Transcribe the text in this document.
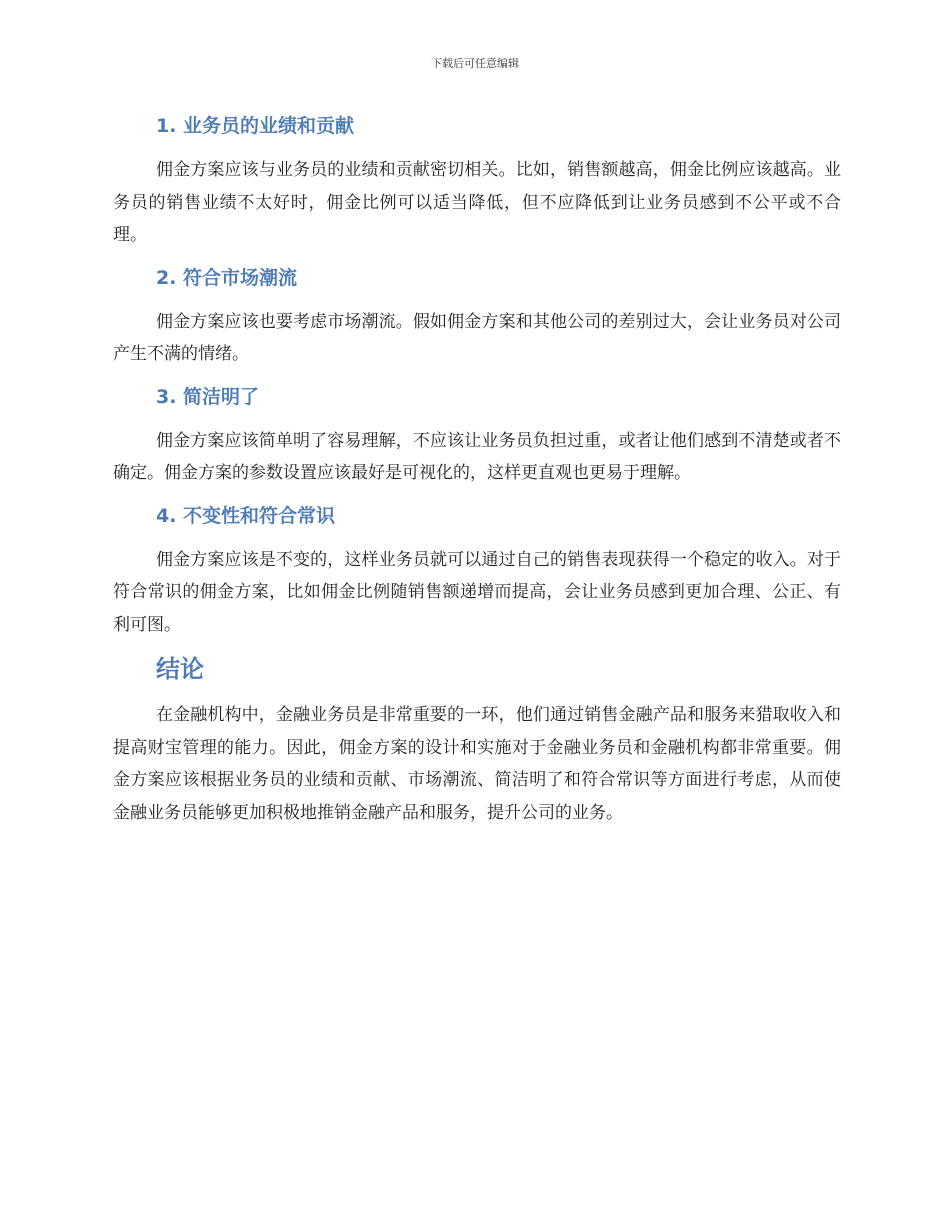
下载后可任意编辑
1. 业务员的业绩和贡献

佣金方案应该与业务员的业绩和贡献密切相关。比如，销售额越高，佣金比例应该越高。业务员的销售业绩不太好时，佣金比例可以适当降低，但不应降低到让业务员感到不公平或不合理。

2. 符合市场潮流

佣金方案应该也要考虑市场潮流。假如佣金方案和其他公司的差别过大，会让业务员对公司产生不满的情绪。

3. 简洁明了

佣金方案应该简单明了容易理解，不应该让业务员负担过重，或者让他们感到不清楚或者不确定。佣金方案的参数设置应该最好是可视化的，这样更直观也更易于理解。

4. 不变性和符合常识

佣金方案应该是不变的，这样业务员就可以通过自己的销售表现获得一个稳定的收入。对于符合常识的佣金方案，比如佣金比例随销售额递增而提高，会让业务员感到更加合理、公正、有利可图。

结论

在金融机构中，金融业务员是非常重要的一环，他们通过销售金融产品和服务来猎取收入和提高财宝管理的能力。因此，佣金方案的设计和实施对于金融业务员和金融机构都非常重要。佣金方案应该根据业务员的业绩和贡献、市场潮流、简洁明了和符合常识等方面进行考虑，从而使金融业务员能够更加积极地推销金融产品和服务，提升公司的业务。
